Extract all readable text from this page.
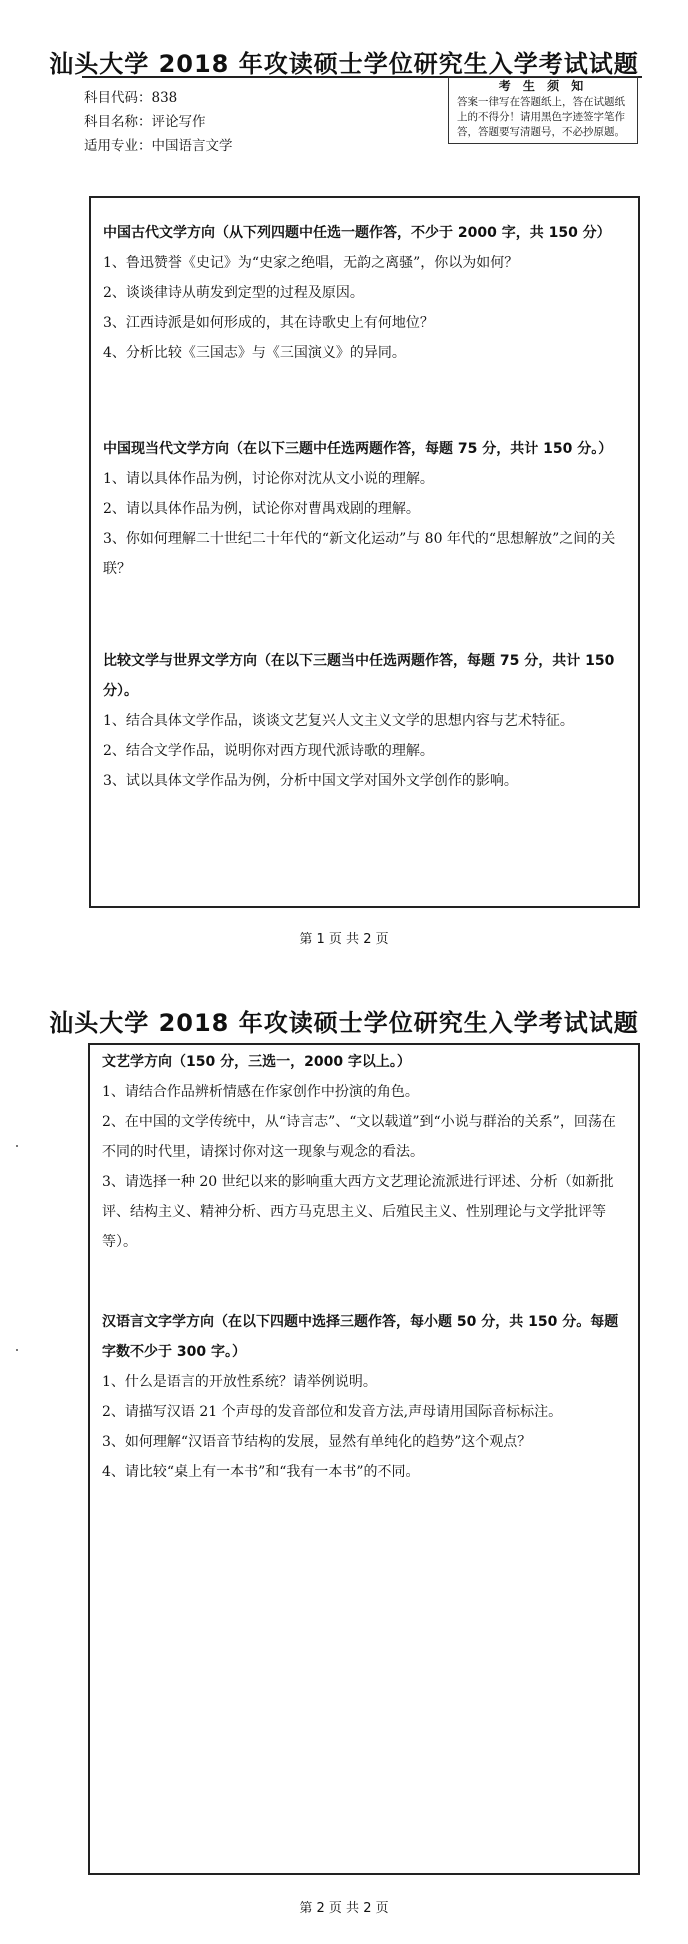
汕头大学 2018 年攻读硕士学位研究生入学考试试题
科目代码：838
科目名称：评论写作
适用专业：中国语言文学
考 生 须 知
答案一律写在答题纸上，答在试题纸上的不得分！请用黑色字迹签字笔作答，答题要写清题号，不必抄原题。
中国古代文学方向（从下列四题中任选一题作答，不少于 2000 字，共 150 分）
1、鲁迅赞誉《史记》为“史家之绝唱，无韵之离骚”，你以为如何？
2、谈谈律诗从萌发到定型的过程及原因。
3、江西诗派是如何形成的，其在诗歌史上有何地位？
4、分析比较《三国志》与《三国演义》的异同。
中国现当代文学方向（在以下三题中任选两题作答，每题 75 分，共计 150 分。）
1、请以具体作品为例，讨论你对沈从文小说的理解。
2、请以具体作品为例，试论你对曹禺戏剧的理解。
3、你如何理解二十世纪二十年代的“新文化运动”与 80 年代的“思想解放”之间的关联？
比较文学与世界文学方向（在以下三题当中任选两题作答，每题 75 分，共计 150 分）。
1、结合具体文学作品，谈谈文艺复兴人文主义文学的思想内容与艺术特征。
2、结合文学作品，说明你对西方现代派诗歌的理解。
3、试以具体文学作品为例，分析中国文学对国外文学创作的影响。
第 1 页 共 2 页
汕头大学 2018 年攻读硕士学位研究生入学考试试题
文艺学方向（150 分，三选一，2000 字以上。）
1、请结合作品辨析情感在作家创作中扮演的角色。
2、在中国的文学传统中，从“诗言志”、“文以载道”到“小说与群治的关系”，回荡在不同的时代里，请探讨你对这一现象与观念的看法。
3、请选择一种 20 世纪以来的影响重大西方文艺理论流派进行评述、分析（如新批评、结构主义、精神分析、西方马克思主义、后殖民主义、性别理论与文学批评等等）。
汉语言文字学方向（在以下四题中选择三题作答，每小题 50 分，共 150 分。每题字数不少于 300 字。）
1、什么是语言的开放性系统？请举例说明。
2、请描写汉语 21 个声母的发音部位和发音方法,声母请用国际音标标注。
3、如何理解“汉语音节结构的发展，显然有单纯化的趋势”这个观点？
4、请比较“桌上有一本书”和“我有一本书”的不同。
第 2 页 共 2 页
